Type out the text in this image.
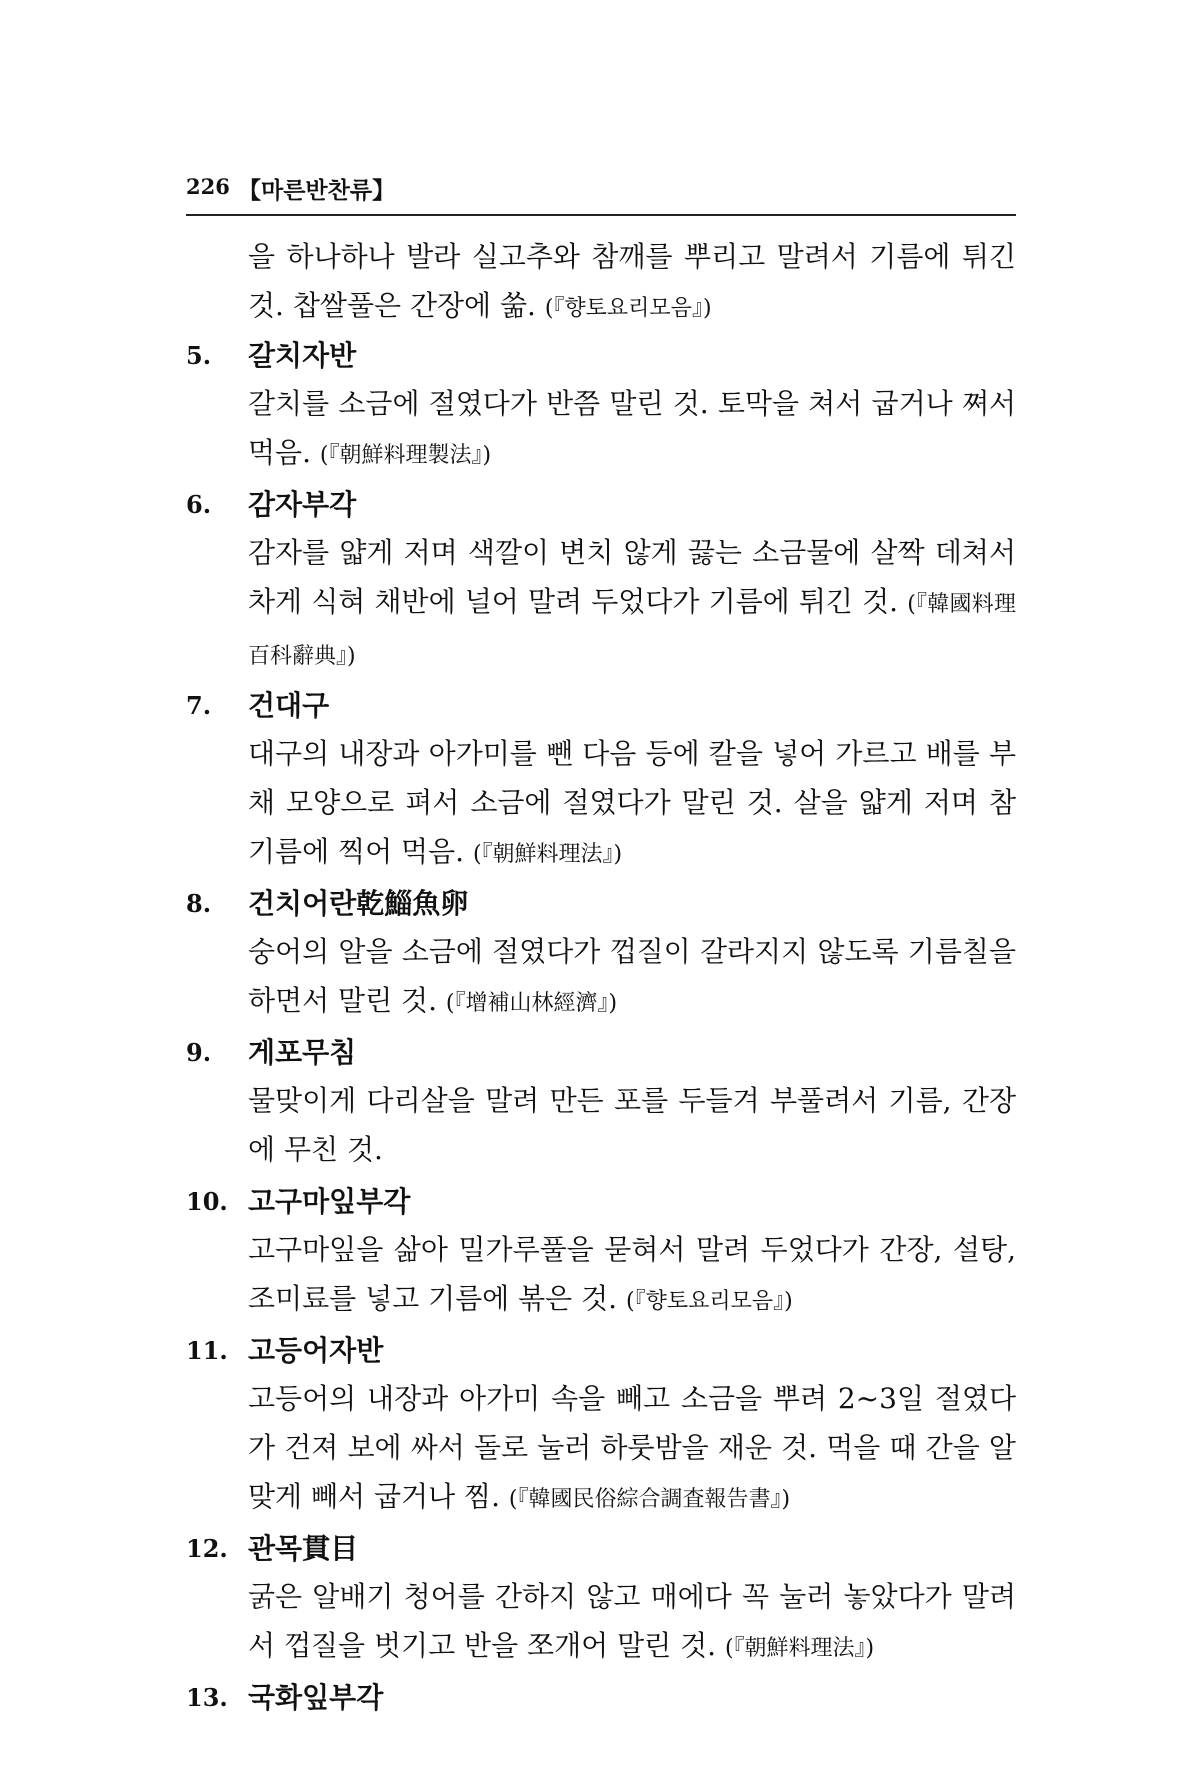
226 【마른반찬류】
을 하나하나 발라 실고추와 참깨를 뿌리고 말려서 기름에 튀긴 것. 찹쌀풀은 간장에 쑮. (『향토요리모음』)
5.	갈치자반
갈치를 소금에 절였다가 반쯤 말린 것. 토막을 쳐서 굽거나 쪄서 먹음. (『朝鮮料理製法』)
6.	감자부각
감자를 얇게 저며 색깔이 변치 않게 끓는 소금물에 살짝 데쳐서 차게 식혀 채반에 널어 말려 두었다가 기름에 튀긴 것. (『韓國料理百科辭典』)
7.	건대구
대구의 내장과 아가미를 뺀 다음 등에 칼을 넣어 가르고 배를 부채 모양으로 펴서 소금에 절였다가 말린 것. 살을 얇게 저며 참기름에 찍어 먹음. (『朝鮮料理法』)
8.	건치어란乾鯔魚卵
숭어의 알을 소금에 절였다가 껍질이 갈라지지 않도록 기름칠을 하면서 말린 것. (『增補山林經濟』)
9.	게포무침
물맞이게 다리살을 말려 만든 포를 두들겨 부풀려서 기름, 간장에 무친 것.
10. 고구마잎부각
고구마잎을 삶아 밀가루풀을 묻혀서 말려 두었다가 간장, 설탕, 조미료를 넣고 기름에 볶은 것. (『향토요리모음』)
11. 고등어자반
고등어의 내장과 아가미 속을 빼고 소금을 뿌려 2~3일 절였다가 건져 보에 싸서 돌로 눌러 하룻밤을 재운 것. 먹을 때 간을 알맞게 빼서 굽거나 찜. (『韓國民俗綜合調査報告書』)
12. 관목貫目
굵은 알배기 청어를 간하지 않고 매에다 꼭 눌러 놓았다가 말려서 껍질을 벗기고 반을 쪼개어 말린 것. (『朝鮮料理法』)
13. 국화잎부각
